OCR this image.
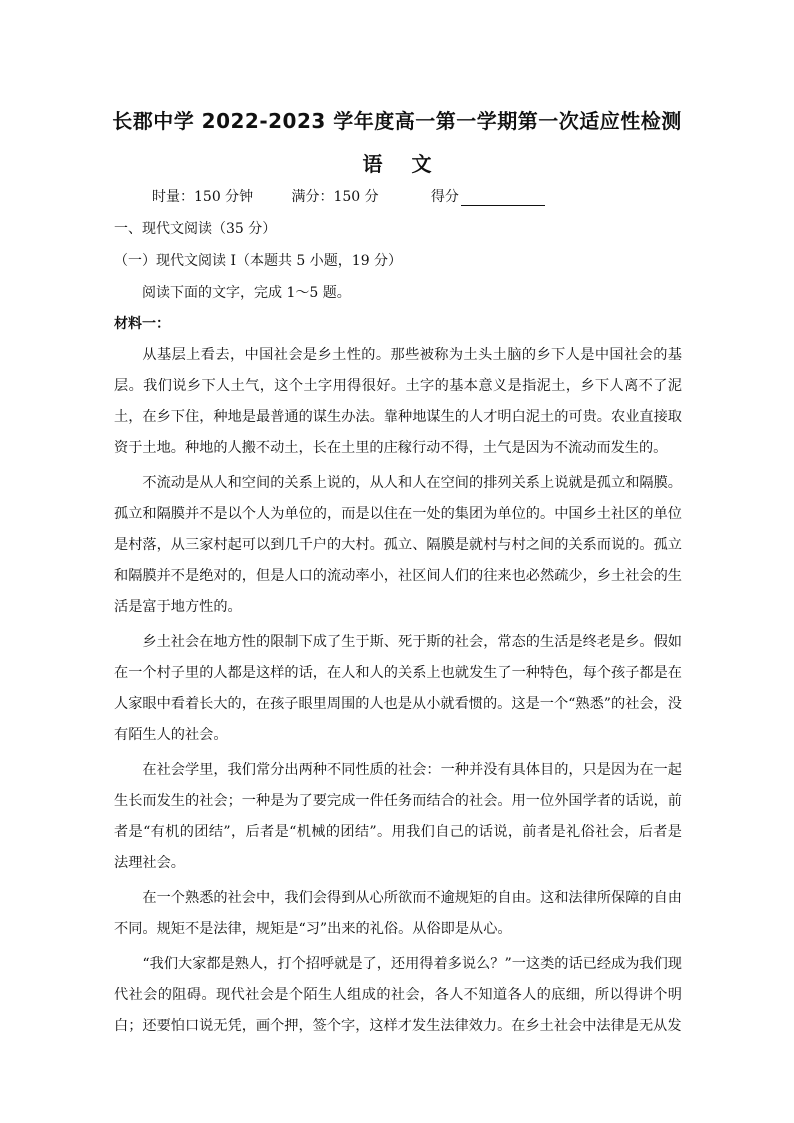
长郡中学 2022-2023 学年度高一第一学期第一次适应性检测
语 文
时量：150 分钟	满分：150 分	得分
一、现代文阅读（35 分）
（一）现代文阅读 I（本题共 5 小题，19 分）
阅读下面的文字，完成 1～5 题。
材料一：

从基层上看去，中国社会是乡土性的。那些被称为土头土脑的乡下人是中国社会的基层。我们说乡下人土气，这个土字用得很好。土字的基本意义是指泥土，乡下人离不了泥土，在乡下住，种地是最普通的谋生办法。靠种地谋生的人才明白泥土的可贵。农业直接取资于土地。种地的人搬不动土，长在土里的庄稼行动不得，土气是因为不流动而发生的。

不流动是从人和空间的关系上说的，从人和人在空间的排列关系上说就是孤立和隔膜。孤立和隔膜并不是以个人为单位的，而是以住在一处的集团为单位的。中国乡土社区的单位是村落，从三家村起可以到几千户的大村。孤立、隔膜是就村与村之间的关系而说的。孤立和隔膜并不是绝对的，但是人口的流动率小，社区间人们的往来也必然疏少，乡土社会的生活是富于地方性的。

乡土社会在地方性的限制下成了生于斯、死于斯的社会，常态的生活是终老是乡。假如在一个村子里的人都是这样的话，在人和人的关系上也就发生了一种特色，每个孩子都是在人家眼中看着长大的，在孩子眼里周围的人也是从小就看惯的。这是一个“熟悉”的社会，没有陌生人的社会。

在社会学里，我们常分出两种不同性质的社会：一种并没有具体目的，只是因为在一起生长而发生的社会；一种是为了要完成一件任务而结合的社会。用一位外国学者的话说，前者是“有机的团结”，后者是“机械的团结”。用我们自己的话说，前者是礼俗社会，后者是法理社会。

在一个熟悉的社会中，我们会得到从心所欲而不逾规矩的自由。这和法律所保障的自由不同。规矩不是法律，规矩是“习”出来的礼俗。从俗即是从心。

“我们大家都是熟人，打个招呼就是了，还用得着多说么？”一这类的话已经成为我们现代社会的阻碍。现代社会是个陌生人组成的社会，各人不知道各人的底细，所以得讲个明白；还要怕口说无凭，画个押，签个字，这样才发生法律效力。在乡土社会中法律是无从发
